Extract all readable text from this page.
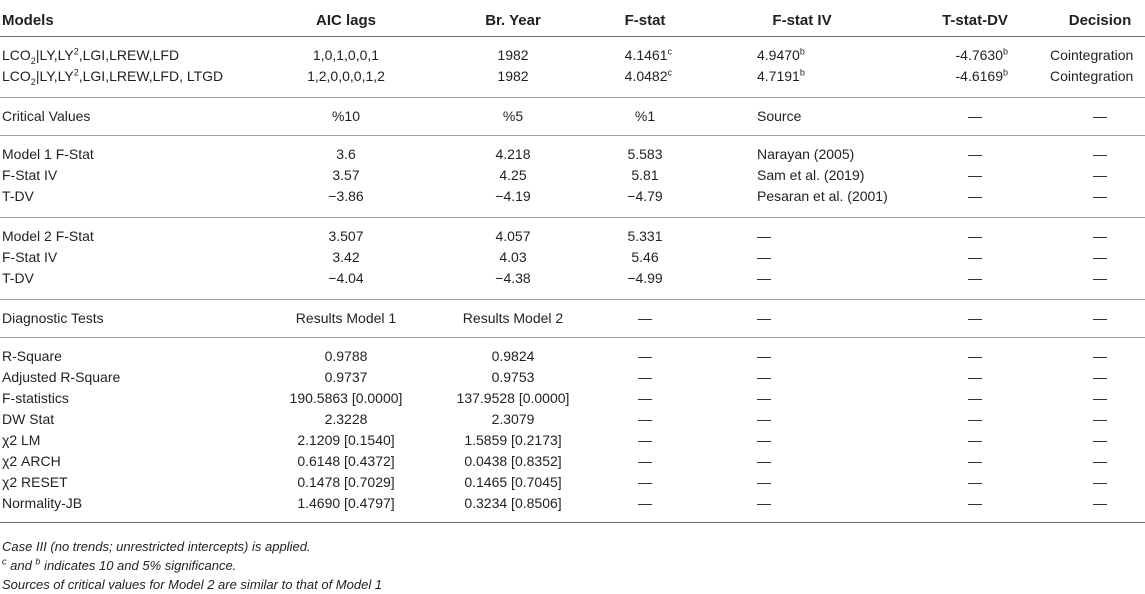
Models	AIC lags	Br. Year	F-stat	F-stat IV	T-stat-DV	Decision
$LCO_2|LY,LY^2,LGI,LREW,LFD$	1,0,1,0,0,1	1982	4.1461$^c$	4.9470$^b$	-4.7630$^b$	Cointegration
$LCO_2|LY,LY^2,LGI,LREW,LFD$, LTGD	1,2,0,0,0,1,2	1982	4.0482$^c$	4.7191$^b$	-4.6169$^b$	Cointegration
Critical Values	%10	%5	%1	Source	—	—
Model 1 F-Stat	3.6	4.218	5.583	Narayan (2005)	—	—
F-Stat IV	3.57	4.25	5.81	Sam et al. (2019)	—	—
T-DV	−3.86	−4.19	−4.79	Pesaran et al. (2001)	—	—
Model 2 F-Stat	3.507	4.057	5.331	—	—	—
F-Stat IV	3.42	4.03	5.46	—	—	—
T-DV	−4.04	−4.38	−4.99	—	—	—
Diagnostic Tests	Results Model 1	Results Model 2	—	—	—	—
R-Square	0.9788	0.9824	—	—	—	—
Adjusted R-Square	0.9737	0.9753	—	—	—	—
F-statistics	190.5863 [0.0000]	137.9528 [0.0000]	—	—	—	—
DW Stat	2.3228	2.3079	—	—	—	—
χ2 LM	2.1209 [0.1540]	1.5859 [0.2173]	—	—	—	—
χ2 ARCH	0.6148 [0.4372]	0.0438 [0.8352]	—	—	—	—
χ2 RESET	0.1478 [0.7029]	0.1465 [0.7045]	—	—	—	—
Normality-JB	1.4690 [0.4797]	0.3234 [0.8506]	—	—	—	—
Case III (no trends; unrestricted intercepts) is applied.
$^c$ and $^b$ indicates 10 and 5% significance.
Sources of critical values for Model 2 are similar to that of Model 1
